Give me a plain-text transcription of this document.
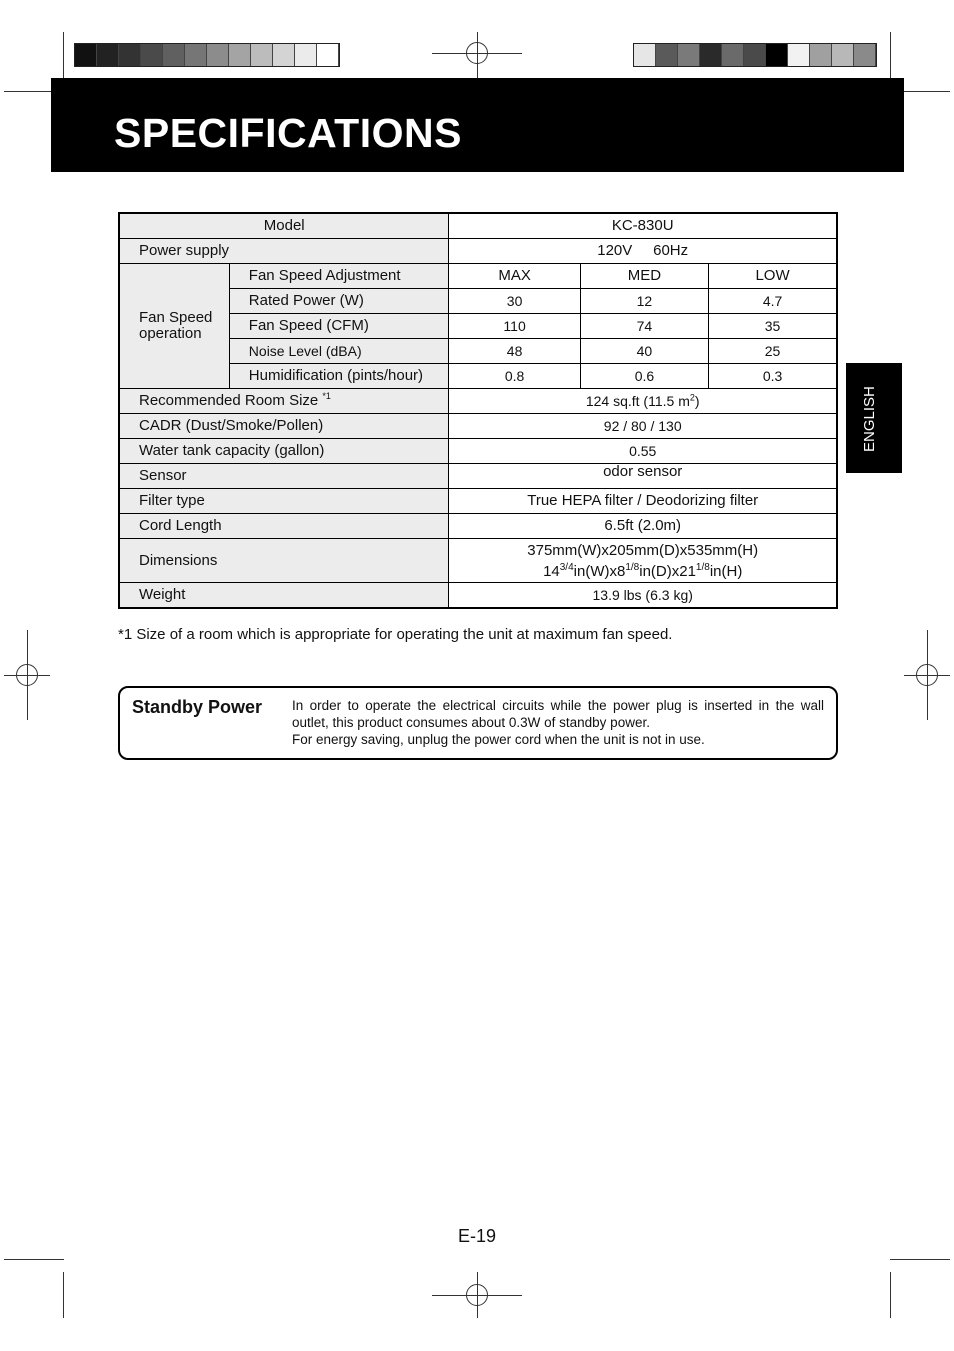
SPECIFICATIONS
ENGLISH
Model		KC-830U		
Power supply		120V     60Hz		
Fan Speed
operation	Fan Speed Adjustment	MAX	MED	LOW
	Rated Power (W)	30	12	4.7
	Fan Speed (CFM)	110	74	35
	Noise Level (dBA)	48	40	25
	Humidification (pints/hour)	0.8	0.6	0.3
Recommended Room Size $^{*1}$		124 sq.ft (11.5 $m^2$)		
CADR (Dust/Smoke/Pollen)		92 / 80 / 130		
Water tank capacity (gallon)		0.55		
Sensor		odor sensor		
Filter type		True HEPA filter / Deodorizing filter		
Cord Length		6.5ft (2.0m)		
Dimensions		375mm(W)x205mm(D)x535mm(H)
$14^{3/4}in(W)x8^{1/8}in(D)x21^{1/8}in(H)$		
Weight		13.9 lbs (6.3 kg)		
*1 Size of a room which is appropriate for operating the unit at maximum fan speed.
Standby Power In order to operate the electrical circuits while the power plug is inserted in the wall outlet, this product consumes about 0.3W of standby power.

For energy saving, unplug the power cord when the unit is not in use.

E-19
